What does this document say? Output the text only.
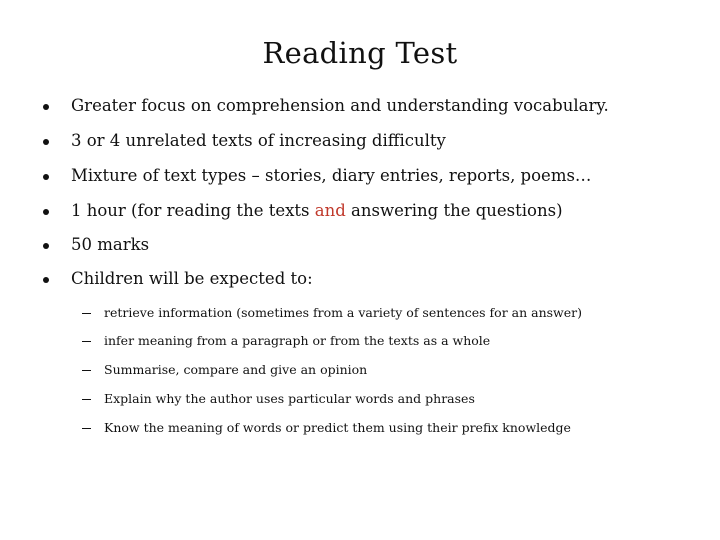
Reading Test
Greater focus on comprehension and understanding vocabulary.
3 or 4 unrelated texts of increasing difficulty
Mixture of text types – stories, diary entries, reports, poems…
1 hour (for reading the texts and answering the questions)
50 marks
Children will be expected to:
retrieve information (sometimes from a variety of sentences for an answer)
infer meaning from a paragraph or from the texts as a whole
Summarise, compare and give an opinion
Explain why the author uses particular words and phrases
Know the meaning of words or predict them using their prefix knowledge
